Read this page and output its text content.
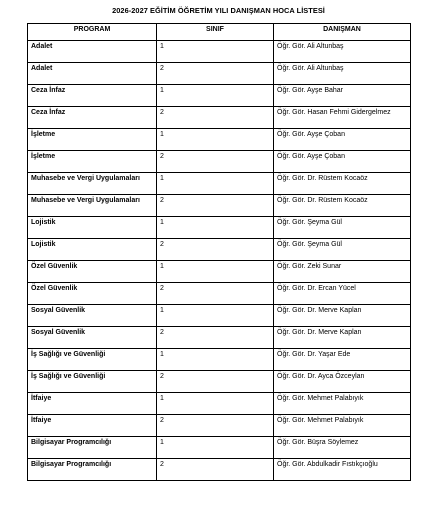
2026-2027 EĞİTİM ÖĞRETİM YILI DANIŞMAN HOCA LİSTESİ
PROGRAM	SINIF	DANIŞMAN
Adalet	1	Öğr. Gör. Ali Altunbaş
Adalet	2	Öğr. Gör. Ali Altunbaş
Ceza İnfaz	1	Öğr. Gör. Ayşe Bahar
Ceza İnfaz	2	Öğr. Gör. Hasan Fehmi Gidergelmez
İşletme	1	Öğr. Gör. Ayşe Çoban
İşletme	2	Öğr. Gör. Ayşe Çoban
Muhasebe ve Vergi Uygulamaları	1	Öğr. Gör. Dr. Rüstem Kocaöz
Muhasebe ve Vergi Uygulamaları	2	Öğr. Gör. Dr. Rüstem Kocaöz
Lojistik	1	Öğr. Gör. Şeyma Gül
Lojistik	2	Öğr. Gör. Şeyma Gül
Özel Güvenlik	1	Öğr. Gör. Zeki Sunar
Özel Güvenlik	2	Öğr. Gör. Dr. Ercan Yücel
Sosyal Güvenlik	1	Öğr. Gör. Dr. Merve Kaplan
Sosyal Güvenlik	2	Öğr. Gör. Dr. Merve Kaplan
İş Sağlığı ve Güvenliği	1	Öğr. Gör. Dr. Yaşar Ede
İş Sağlığı ve Güvenliği	2	Öğr. Gör. Dr. Ayca Özceylan
İtfaiye	1	Öğr. Gör. Mehmet Palabıyık
İtfaiye	2	Öğr. Gör. Mehmet Palabıyık
Bilgisayar Programcılığı	1	Öğr. Gör. Büşra Söylemez
Bilgisayar Programcılığı	2	Öğr. Gör. Abdulkadir Fıstıkçıoğlu
